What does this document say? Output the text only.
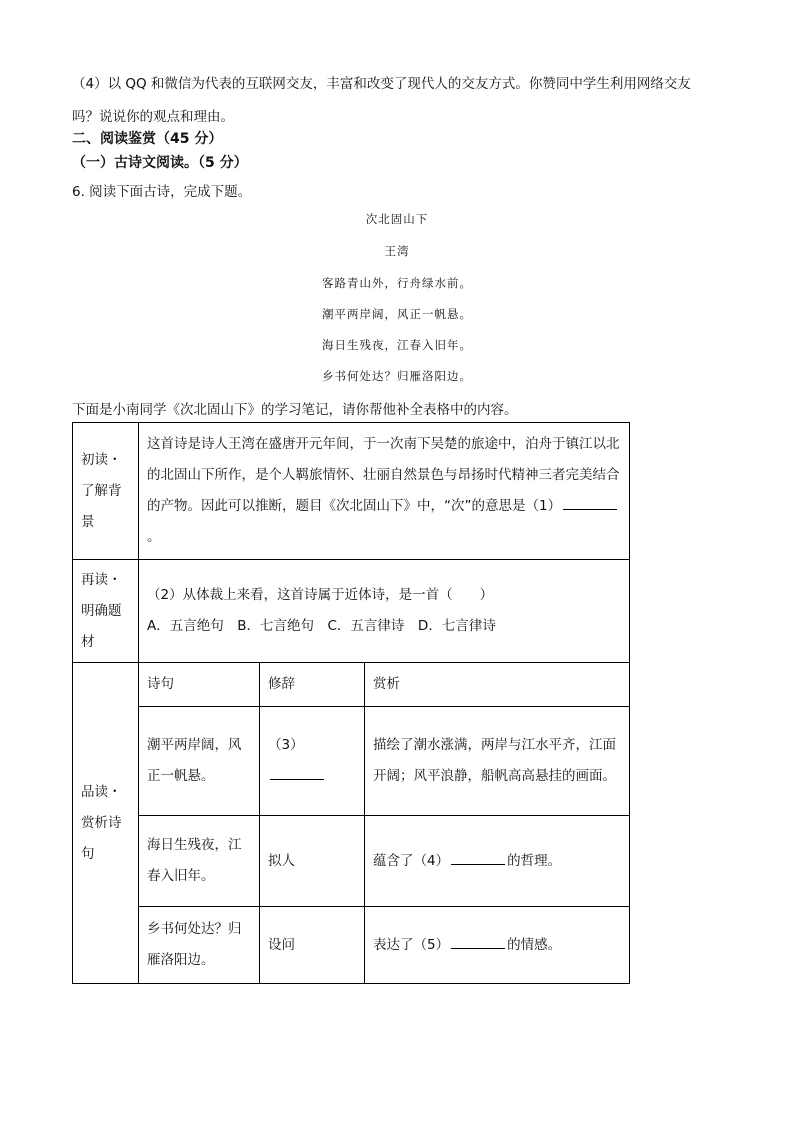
（4）以 QQ 和微信为代表的互联网交友，丰富和改变了现代人的交友方式。你赞同中学生利用网络交友
吗？说说你的观点和理由。
二、阅读鉴赏（45 分）
（一）古诗文阅读。（5 分）
6. 阅读下面古诗，完成下题。
次北固山下
王湾
客路青山外，行舟绿水前。
潮平两岸阔，风正一帆悬。
海日生残夜，江春入旧年。
乡书何处达？归雁洛阳边。
下面是小南同学《次北固山下》的学习笔记，请你帮他补全表格中的内容。
初读・了解背景	这首诗是诗人王湾在盛唐开元年间，于一次南下吴楚的旅途中，泊舟于镇江以北的北固山下所作，是个人羁旅情怀、壮丽自然景色与昂扬时代精神三者完美结合的产物。因此可以推断，题目《次北固山下》中，“次”的意思是（1）。		
再读・明确题材	（2）从体裁上来看，这首诗属于近体诗，是一首（　　）
A．五言绝句　B．七言绝句　C．五言律诗　D．七言律诗		

品读・赏析诗句	诗句	修辞	赏析
	潮平两岸阔，风正一帆悬。	（3）	描绘了潮水涨满，两岸与江水平齐，江面开阔；风平浪静，船帆高高悬挂的画面。
	海日生残夜，江春入旧年。	拟人	蕴含了（4） 的哲理。
	乡书何处达？归雁洛阳边。	设问	表达了（5） 的情感。
